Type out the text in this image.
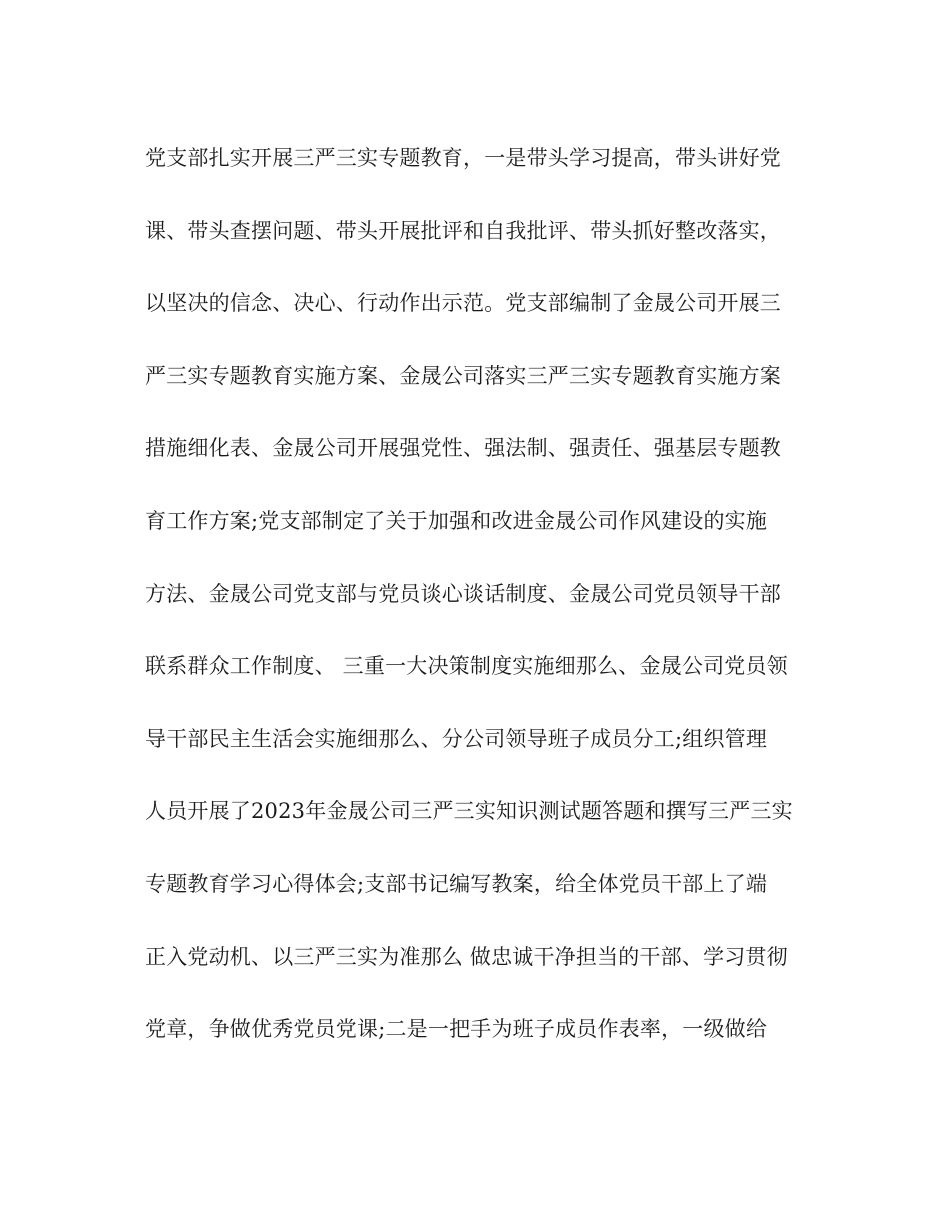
党支部扎实开展三严三实专题教育，一是带头学习提高，带头讲好党
课、带头查摆问题、带头开展批评和自我批评、带头抓好整改落实，
以坚决的信念、决心、行动作出示范。党支部编制了金晟公司开展三
严三实专题教育实施方案、金晟公司落实三严三实专题教育实施方案
措施细化表、金晟公司开展强党性、强法制、强责任、强基层专题教
育工作方案;党支部制定了关于加强和改进金晟公司作风建设的实施
方法、金晟公司党支部与党员谈心谈话制度、金晟公司党员领导干部
联系群众工作制度、 三重一大决策制度实施细那么、金晟公司党员领
导干部民主生活会实施细那么、分公司领导班子成员分工;组织管理
人员开展了2023年金晟公司三严三实知识测试题答题和撰写三严三实
专题教育学习心得体会;支部书记编写教案，给全体党员干部上了端
正入党动机、以三严三实为准那么 做忠诚干净担当的干部、学习贯彻
党章，争做优秀党员党课;二是一把手为班子成员作表率，一级做给
